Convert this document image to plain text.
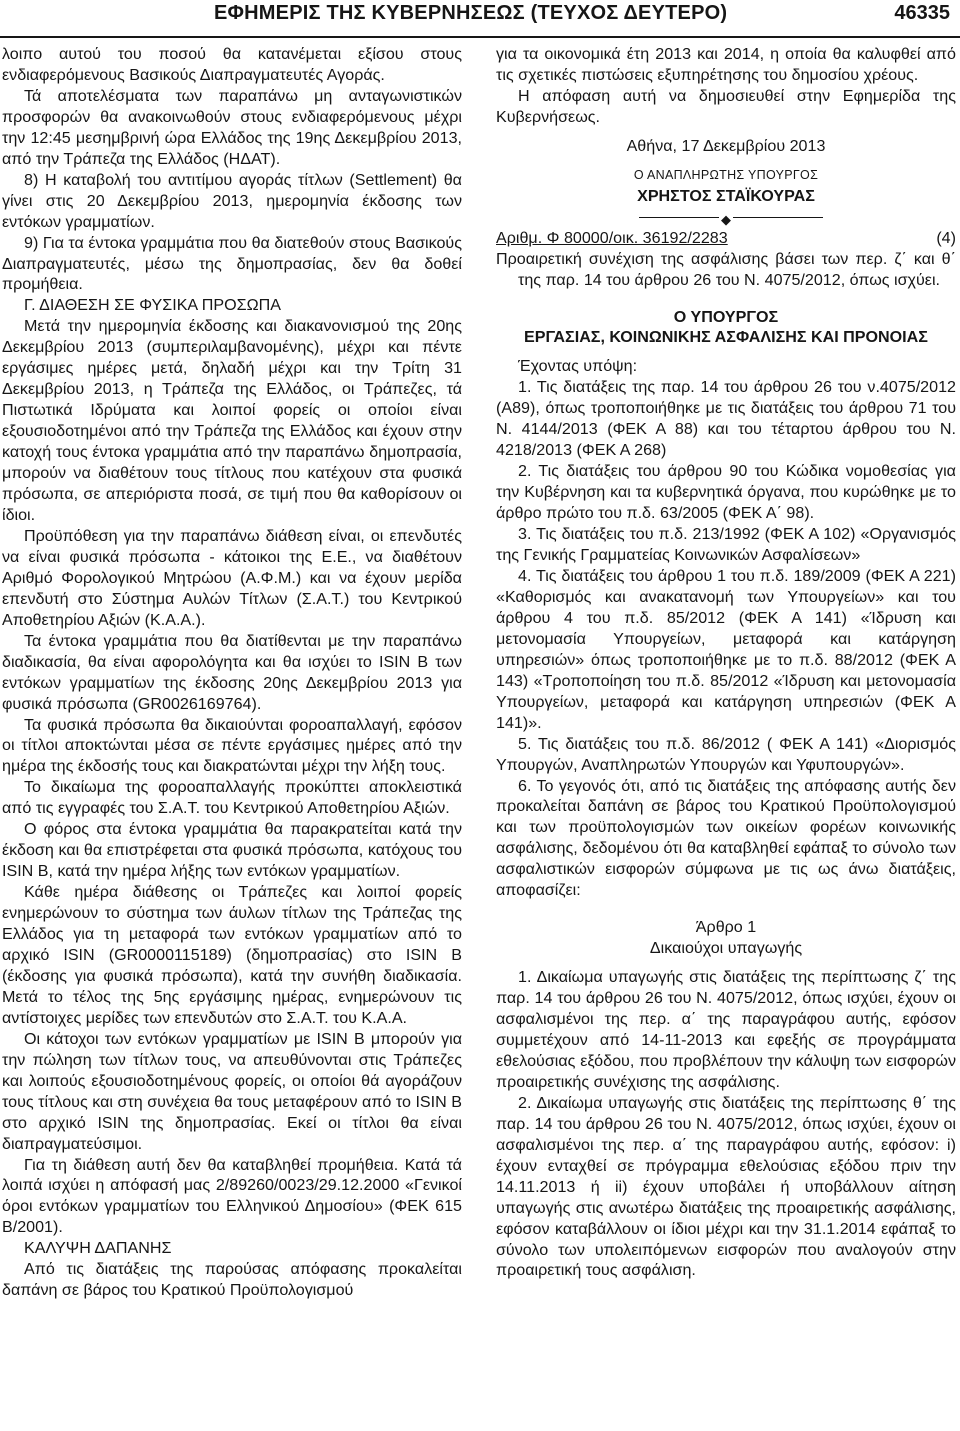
ΕΦΗΜΕΡΙΣ ΤΗΣ ΚΥΒΕΡΝΗΣΕΩΣ (ΤΕΥΧΟΣ ΔΕΥΤΕΡΟ)	46335

λοιπο αυτού του ποσού θα κατανέμεται εξίσου στους ενδιαφερόμενους Βασικούς Διαπραγματευτές Αγοράς.

Τά αποτελέσματα των παραπάνω μη ανταγωνιστικών προσφορών θα ανακοινωθούν στους ενδιαφερόμενους μέχρι την 12:45 μεσημβρινή ώρα Ελλάδος της 19ης Δεκεμβρίου 2013, από την Τράπεζα της Ελλάδος (ΗΔΑΤ).

8) Η καταβολή του αντιτίμου αγοράς τίτλων (Settlement) θα γίνει στις 20 Δεκεμβρίου 2013, ημερομηνία έκδοσης των εντόκων γραμματίων.

9) Για τα έντοκα γραμμάτια που θα διατεθούν στους Βασικούς Διαπραγματευτές, μέσω της δημοπρασίας, δεν θα δοθεί προμήθεια.

Γ. ΔΙΑΘΕΣΗ ΣΕ ΦΥΣΙΚΑ ΠΡΟΣΩΠΑ

Μετά την ημερομηνία έκδοσης και διακανονισμού της 20ης Δεκεμβρίου 2013 (συμπεριλαμβανομένης), μέχρι και πέντε εργάσιμες ημέρες μετά, δηλαδή μέχρι και την Τρίτη 31 Δεκεμβρίου 2013, η Τράπεζα της Ελλάδος, οι Τράπεζες, τά Πιστωτικά Ιδρύματα και λοιποί φορείς οι οποίοι είναι εξουσιοδοτημένοι από την Τράπεζα της Ελλάδος και έχουν στην κατοχή τους έντοκα γραμμάτια από την παραπάνω δημοπρασία, μπορούν να διαθέτουν τους τίτλους που κατέχουν στα φυσικά πρόσωπα, σε απεριόριστα ποσά, σε τιμή που θα καθορίσουν οι ίδιοι.

Προϋπόθεση για την παραπάνω διάθεση είναι, οι επενδυτές να είναι φυσικά πρόσωπα - κάτοικοι της Ε.Ε., να διαθέτουν Αριθμό Φορολογικού Μητρώου (Α.Φ.Μ.) και να έχουν μερίδα επενδυτή στο Σύστημα Αυλών Τίτλων (Σ.Α.Τ.) του Κεντρικού Αποθετηρίου Αξιών (Κ.Α.Α.).

Τα έντοκα γραμμάτια που θα διατίθενται με την παραπάνω διαδικασία, θα είναι αφορολόγητα και θα ισχύει το ISIN B των εντόκων γραμματίων της έκδοσης 20ης Δεκεμβρίου 2013 για φυσικά πρόσωπα (GR0026169764).

Τα φυσικά πρόσωπα θα δικαιούνται φοροαπαλλαγή, εφόσον οι τίτλοι αποκτώνται μέσα σε πέντε εργάσιμες ημέρες από την ημέρα της έκδοσής τους και διακρατώνται μέχρι την λήξη τους.

Το δικαίωμα της φοροαπαλλαγής προκύπτει αποκλειστικά από τις εγγραφές του Σ.Α.Τ. του Κεντρικού Αποθετηρίου Αξιών.

Ο φόρος στα έντοκα γραμμάτια θα παρακρατείται κατά την έκδοση και θα επιστρέφεται στα φυσικά πρόσωπα, κατόχους του ISIN B, κατά την ημέρα λήξης των εντόκων γραμματίων.

Κάθε ημέρα διάθεσης οι Τράπεζες και λοιποί φορείς ενημερώνουν το σύστημα των άυλων τίτλων της Τράπεζας της Ελλάδος για τη μεταφορά των εντόκων γραμματίων από το αρχικό ISIN (GR0000115189) (δημοπρασίας) στο ISIN B (έκδοσης για φυσικά πρόσωπα), κατά την συνήθη διαδικασία. Μετά το τέλος της 5ης εργάσιμης ημέρας, ενημερώνουν τις αντίστοιχες μερίδες των επενδυτών στο Σ.Α.Τ. του Κ.Α.Α.

Οι κάτοχοι των εντόκων γραμματίων με ISIN B μπορούν για την πώληση των τίτλων τους, να απευθύνονται στις Τράπεζες και λοιπούς εξουσιοδοτημένους φορείς, οι οποίοι θά αγοράζουν τους τίτλους και στη συνέχεια θα τους μεταφέρουν από το ISIN B στο αρχικό ISIN της δημοπρασίας. Εκεί οι τίτλοι θα είναι διαπραγματεύσιμοι.

Για τη διάθεση αυτή δεν θα καταβληθεί προμήθεια. Κατά τά λοιπά ισχύει η απόφασή μας 2/89260/0023/29.12.2000 «Γενικοί όροι εντόκων γραμματίων του Ελληνικού Δημοσίου» (ΦΕΚ 615 Β/2001).

ΚΑΛΥΨΗ ΔΑΠΑΝΗΣ

Από τις διατάξεις της παρούσας απόφασης προκαλείται δαπάνη σε βάρος του Κρατικού Προϋπολογισμού

για τα οικονομικά έτη 2013 και 2014, η οποία θα καλυφθεί από τις σχετικές πιστώσεις εξυπηρέτησης του δημοσίου χρέους.

Η απόφαση αυτή να δημοσιευθεί στην Εφημερίδα της Κυβερνήσεως.

Αθήνα, 17 Δεκεμβρίου 2013

Ο ΑΝΑΠΛΗΡΩΤΗΣ ΥΠΟΥΡΓΟΣ

ΧΡΗΣΤΟΣ ΣΤΑΪΚΟΥΡΑΣ

◆
Αριθμ. Φ 80000/οικ. 36192/2283	(4)

Προαιρετική συνέχιση της ασφάλισης βάσει των περ. ζ΄ και θ΄ της παρ. 14 του άρθρου 26 του Ν. 4075/2012, όπως ισχύει.

Ο ΥΠΟΥΡΓΟΣ

ΕΡΓΑΣΙΑΣ, ΚΟΙΝΩΝΙΚΗΣ ΑΣΦΑΛΙΣΗΣ ΚΑΙ ΠΡΟΝΟΙΑΣ

Έχοντας υπόψη:

1. Τις διατάξεις της παρ. 14 του άρθρου 26 του ν.4075/2012 (Α89), όπως τροποποιήθηκε με τις διατάξεις του άρθρου 71 του Ν. 4144/2013 (ΦΕΚ Α 88) και του τέταρτου άρθρου του Ν. 4218/2013 (ΦΕΚ Α 268)

2. Τις διατάξεις του άρθρου 90 του Κώδικα νομοθεσίας για την Κυβέρνηση και τα κυβερνητικά όργανα, που κυρώθηκε με το άρθρο πρώτο του π.δ. 63/2005 (ΦΕΚ Α΄ 98).

3. Τις διατάξεις του π.δ. 213/1992 (ΦΕΚ Α 102) «Οργανισμός της Γενικής Γραμματείας Κοινωνικών Ασφαλίσεων»

4. Τις διατάξεις του άρθρου 1 του π.δ. 189/2009 (ΦΕΚ Α 221) «Καθορισμός και ανακατανομή των Υπουργείων» και του άρθρου 4 του π.δ. 85/2012 (ΦΕΚ Α 141) «Ίδρυση και μετονομασία Υπουργείων, μεταφορά και κατάργηση υπηρεσιών» όπως τροποποιήθηκε με το π.δ. 88/2012 (ΦΕΚ Α 143) «Τροποποίηση του π.δ. 85/2012 «Ίδρυση και μετονομασία Υπουργείων, μεταφορά και κατάργηση υπηρεσιών (ΦΕΚ Α 141)».

5. Τις διατάξεις του π.δ. 86/2012 ( ΦΕΚ Α 141) «Διορισμός Υπουργών, Αναπληρωτών Υπουργών και Υφυπουργών».

6. Το γεγονός ότι, από τις διατάξεις της απόφασης αυτής δεν προκαλείται δαπάνη σε βάρος του Κρατικού Προϋπολογισμού και των προϋπολογισμών των οικείων φορέων κοινωνικής ασφάλισης, δεδομένου ότι θα καταβληθεί εφάπαξ το σύνολο των ασφαλιστικών εισφορών σύμφωνα με τις ως άνω διατάξεις, αποφασίζει:

Άρθρο 1

Δικαιούχοι υπαγωγής

1. Δικαίωμα υπαγωγής στις διατάξεις της περίπτωσης ζ΄ της παρ. 14 του άρθρου 26 του Ν. 4075/2012, όπως ισχύει, έχουν οι ασφαλισμένοι της περ. α΄ της παραγράφου αυτής, εφόσον συμμετέχουν από 14-11-2013 και εφεξής σε προγράμματα εθελούσιας εξόδου, που προβλέπουν την κάλυψη των εισφορών προαιρετικής συνέχισης της ασφάλισης.

2. Δικαίωμα υπαγωγής στις διατάξεις της περίπτωσης θ΄ της παρ. 14 του άρθρου 26 του Ν. 4075/2012, όπως ισχύει, έχουν οι ασφαλισμένοι της περ. α΄ της παραγράφου αυτής, εφόσον: i) έχουν ενταχθεί σε πρόγραμμα εθελούσιας εξόδου πριν την 14.11.2013 ή ii) έχουν υποβάλει ή υποβάλλουν αίτηση υπαγωγής στις ανωτέρω διατάξεις της προαιρετικής ασφάλισης, εφόσον καταβάλλουν οι ίδιοι μέχρι και την 31.1.2014 εφάπαξ το σύνολο των υπολειπόμενων εισφορών που αναλογούν στην προαιρετική τους ασφάλιση.
